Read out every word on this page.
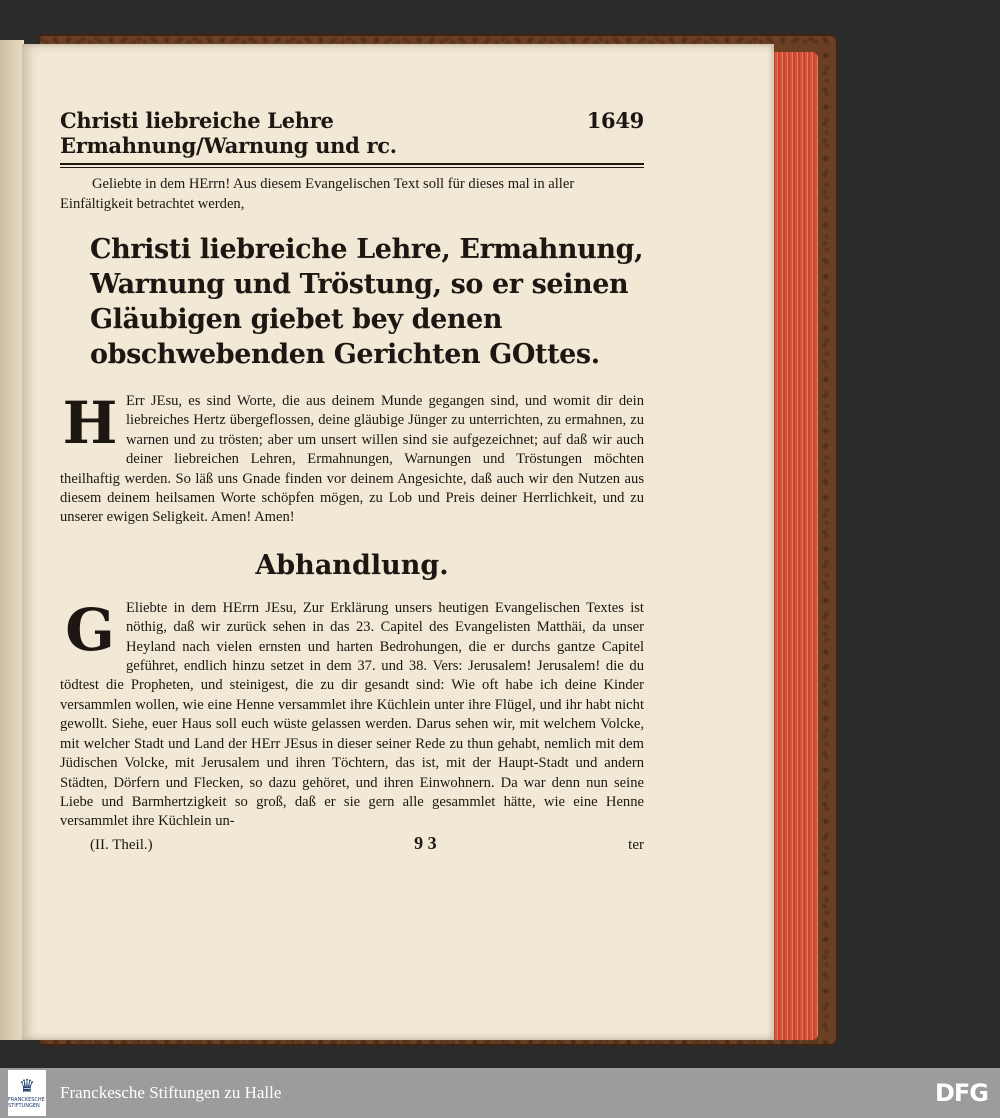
Christi liebreiche Lehre Ermahnung/Warnung und rc.
1649
Geliebte in dem HErrn! Aus diesem Evangelischen Text soll für dieses mal in aller Einfältigkeit betrachtet werden,
Christi liebreiche Lehre, Ermahnung, Warnung und Tröstung, so er seinen Gläubigen giebet bey denen obschwebenden Gerichten GOttes.
H Err JEsu, es sind Worte, die aus deinem Munde gegangen sind, und womit dir dein liebreiches Hertz übergeflossen, deine gläubige Jünger zu unterrichten, zu ermahnen, zu warnen und zu trösten; aber um unsert willen sind sie aufgezeichnet; auf daß wir auch deiner liebreichen Lehren, Ermahnungen, Warnungen und Tröstungen möchten theilhaftig werden. So läß uns Gnade finden vor deinem Angesichte, daß auch wir den Nutzen aus diesem deinem heilsamen Worte schöpfen mögen, zu Lob und Preis deiner Herrlichkeit, und zu unserer ewigen Seligkeit. Amen! Amen!
Abhandlung.
G Eliebte in dem HErrn JEsu, Zur Erklärung unsers heutigen Evangelischen Textes ist nöthig, daß wir zurück sehen in das 23. Capitel des Evangelisten Matthäi, da unser Heyland nach vielen ernsten und harten Bedrohungen, die er durchs gantze Capitel geführet, endlich hinzu setzet in dem 37. und 38. Vers: Jerusalem! Jerusalem! die du tödtest die Propheten, und steinigest, die zu dir gesandt sind: Wie oft habe ich deine Kinder versammlen wollen, wie eine Henne versammlet ihre Küchlein unter ihre Flügel, und ihr habt nicht gewollt. Siehe, euer Haus soll euch wüste gelassen werden. Darus sehen wir, mit welchem Volcke, mit welcher Stadt und Land der HErr JEsus in dieser seiner Rede zu thun gehabt, nemlich mit dem Jüdischen Volcke, mit Jerusalem und ihren Töchtern, das ist, mit der Haupt-Stadt und andern Städten, Dörfern und Flecken, so dazu gehöret, und ihren Einwohnern. Da war denn nun seine Liebe und Barmhertzigkeit so groß, daß er sie gern alle gesammlet hätte, wie eine Henne versammlet ihre Küchlein un-
(II. Theil.)	9 3	ter
♛
FRANCKESCHE STIFTUNGEN
Franckesche Stiftungen zu Halle	DFG
